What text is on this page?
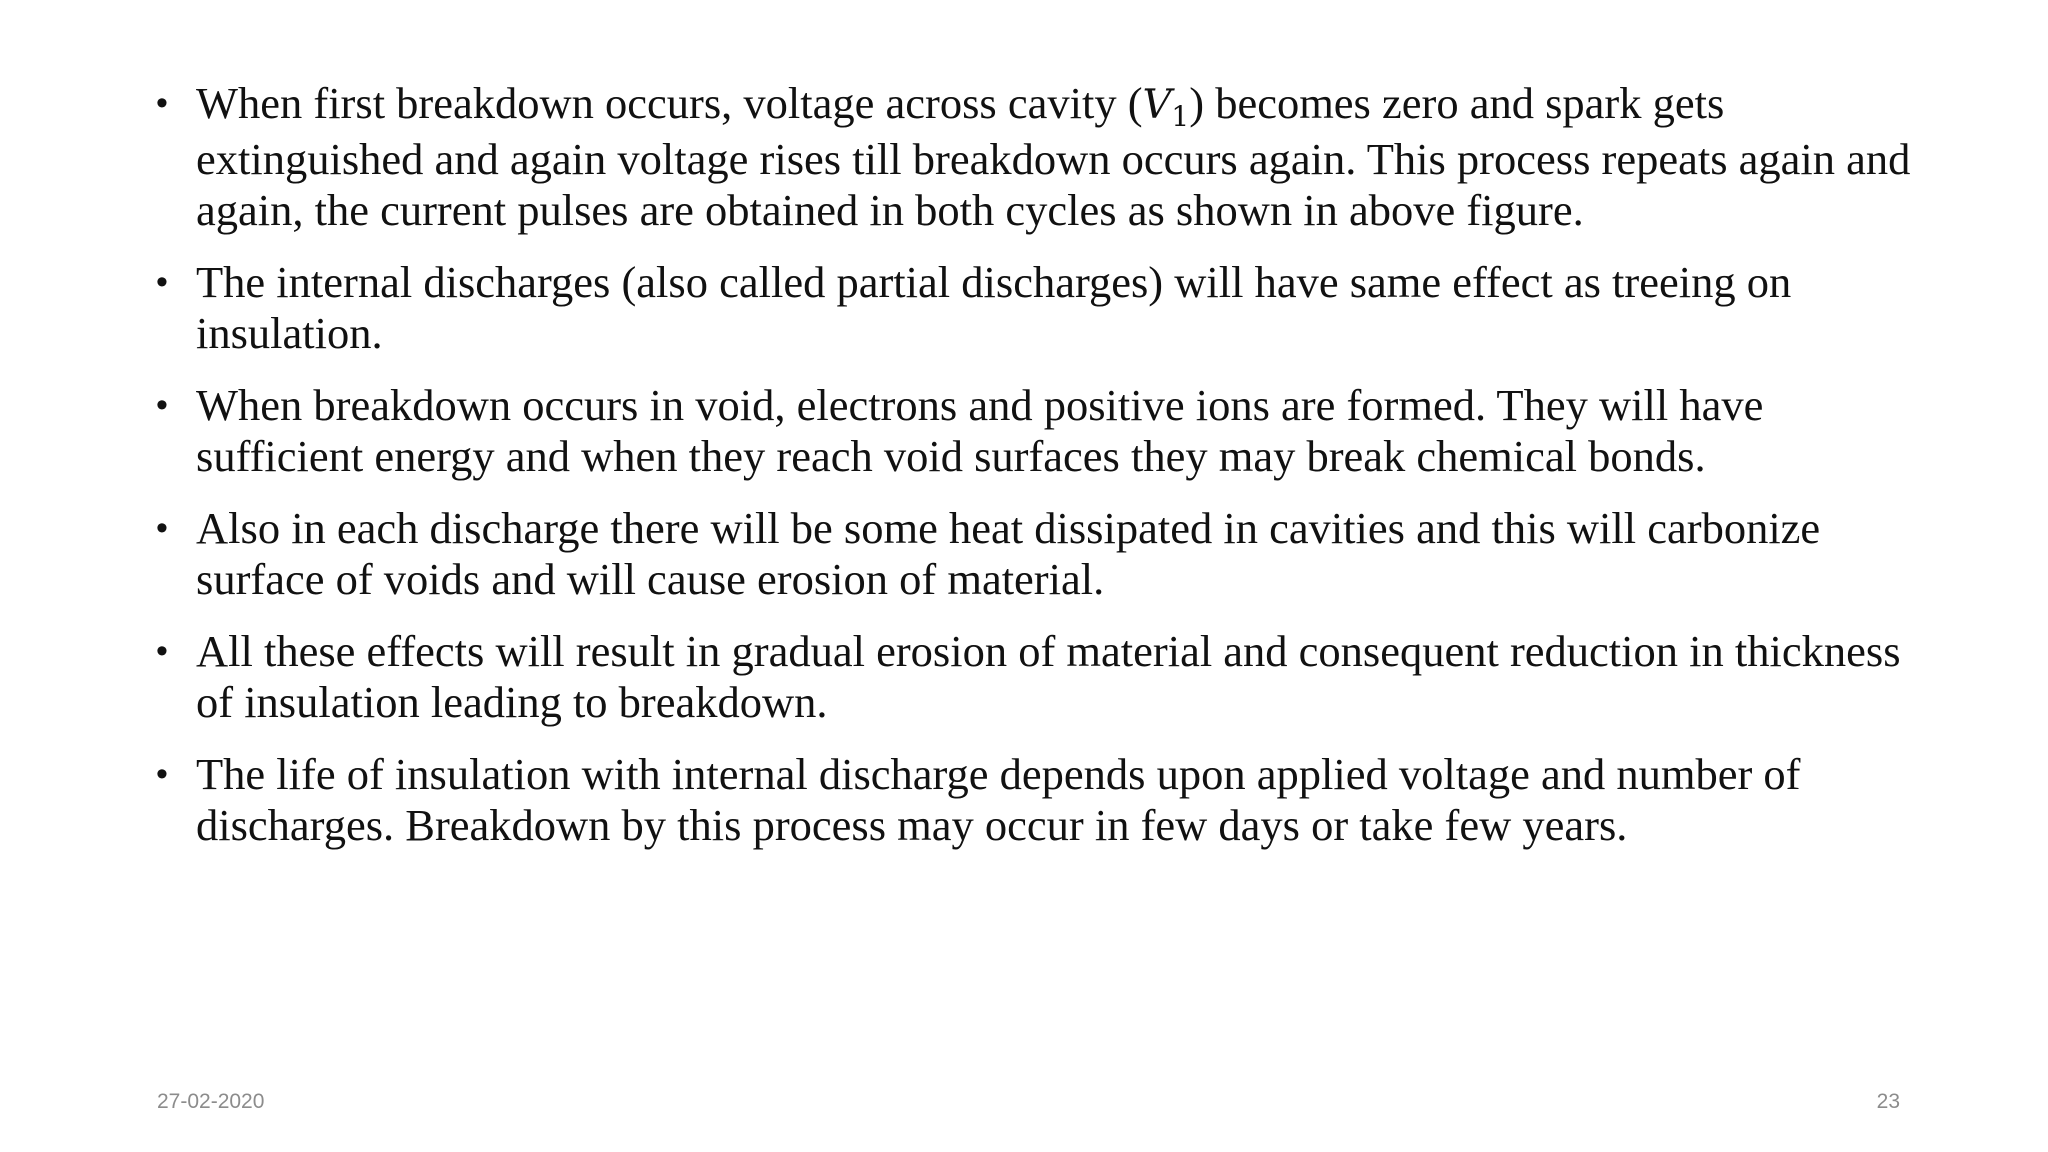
• When first breakdown occurs, voltage across cavity (V1) becomes zero and spark gets extinguished and again voltage rises till breakdown occurs again. This process repeats again and again, the current pulses are obtained in both cycles as shown in above figure.
• The internal discharges (also called partial discharges) will have same effect as treeing on insulation.
• When breakdown occurs in void, electrons and positive ions are formed. They will have sufficient energy and when they reach void surfaces they may break chemical bonds.
• Also in each discharge there will be some heat dissipated in cavities and this will carbonize surface of voids and will cause erosion of material.
• All these effects will result in gradual erosion of material and consequent reduction in thickness of insulation leading to breakdown.
• The life of insulation with internal discharge depends upon applied voltage and number of discharges. Breakdown by this process may occur in few days or take few years.
27-02-2020	23
